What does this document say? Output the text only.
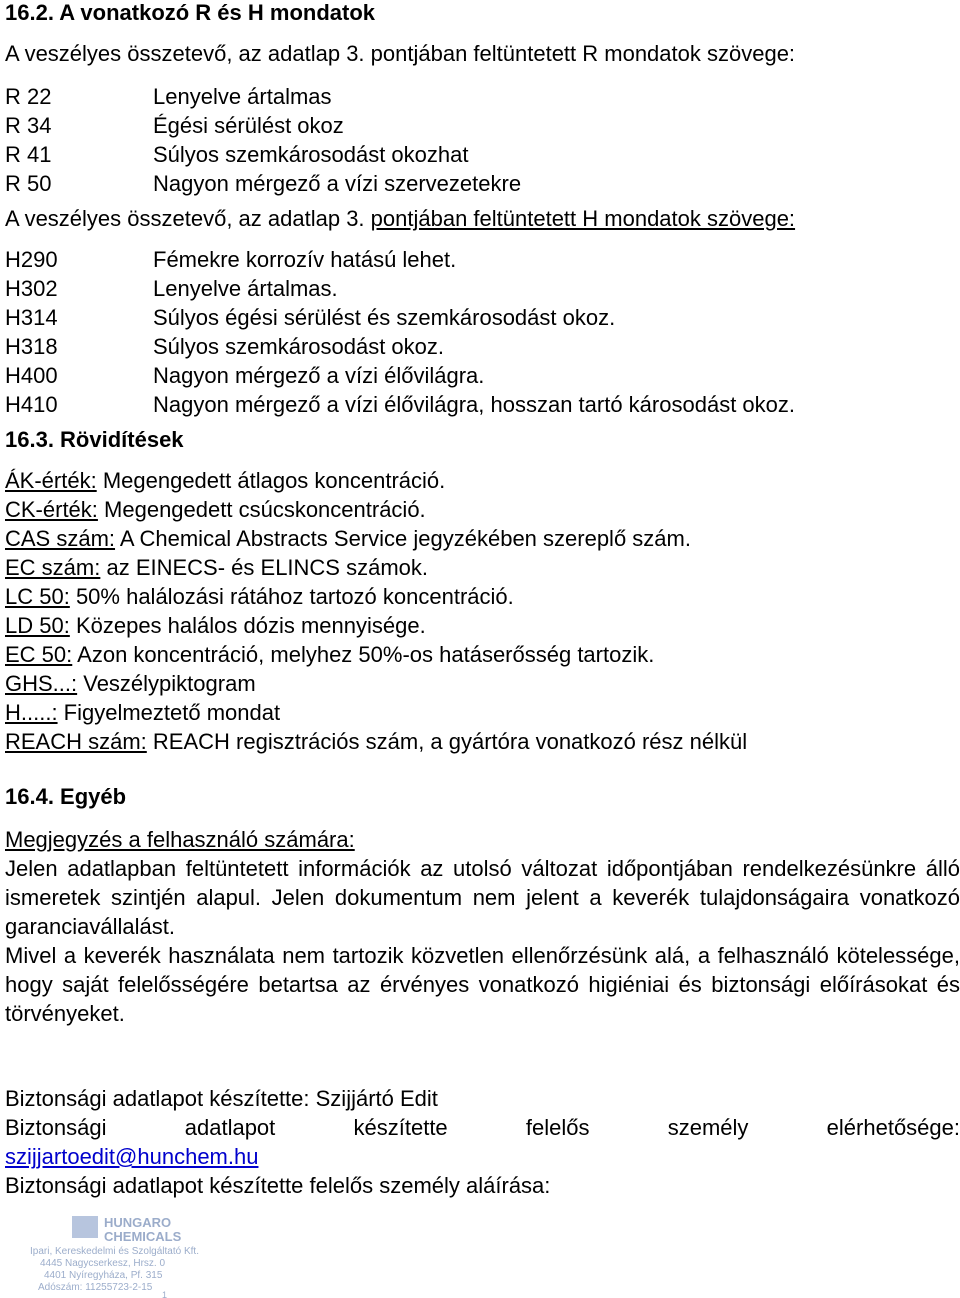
16.2. A vonatkozó R és H mondatok
A veszélyes összetevő, az adatlap 3. pontjában feltüntetett R mondatok szövege:
R 22	Lenyelve ártalmas
R 34	Égési sérülést okoz
R 41	Súlyos szemkárosodást okozhat
R 50	Nagyon mérgező a vízi szervezetekre
A veszélyes összetevő, az adatlap 3. pontjában feltüntetett H mondatok szövege:
H290	Fémekre korrozív hatású lehet.
H302	Lenyelve ártalmas.
H314	Súlyos égési sérülést és szemkárosodást okoz.
H318	Súlyos szemkárosodást okoz.
H400	Nagyon mérgező a vízi élővilágra.
H410	Nagyon mérgező a vízi élővilágra, hosszan tartó károsodást okoz.
16.3. Rövidítések
ÁK-érték: Megengedett átlagos koncentráció.
CK-érték: Megengedett csúcskoncentráció.
CAS szám: A Chemical Abstracts Service jegyzékében szereplő szám.
EC szám: az EINECS- és ELINCS számok.
LC 50: 50% halálozási rátához tartozó koncentráció.
LD 50: Közepes halálos dózis mennyisége.
EC 50: Azon koncentráció, melyhez 50%-os hatáserősség tartozik.
GHS...: Veszélypiktogram
H.....: Figyelmeztető mondat
REACH szám: REACH regisztrációs szám, a gyártóra vonatkozó rész nélkül
16.4. Egyéb
Megjegyzés a felhasználó számára:
Jelen adatlapban feltüntetett információk az utolsó változat időpontjában rendelkezésünkre álló ismeretek szintjén alapul. Jelen dokumentum nem jelent a keverék tulajdonságaira vonatkozó garanciavállalást.
Mivel a keverék használata nem tartozik közvetlen ellenőrzésünk alá, a felhasználó kötelessége, hogy saját felelősségére betartsa az érvényes vonatkozó higiéniai és biztonsági előírásokat és törvényeket.
Biztonsági adatlapot készítette: Szijjártó Edit
Biztonsági adatlapot készítette felelős személy elérhetősége:
szijjartoedit@hunchem.hu
Biztonsági adatlapot készítette felelős személy aláírása:
HUNGARO
CHEMICALS
Ipari, Kereskedelmi és Szolgáltató Kft.
4445 Nagycserkesz, Hrsz. 0
4401 Nyíregyháza, Pf. 315
Adószám: 11255723-2-15
1
